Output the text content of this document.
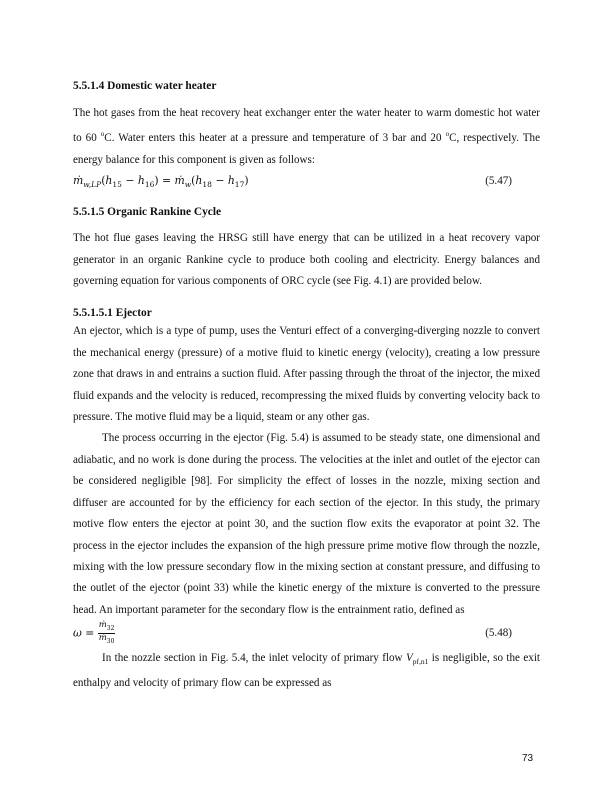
5.5.1.4 Domestic water heater

The hot gases from the heat recovery heat exchanger enter the water heater to warm domestic hot water to 60 $^o$C. Water enters this heater at a pressure and temperature of 3 bar and 20 $^o$C, respectively. The energy balance for this component is given as follows:

$ṁ_{w,LP}(h_{15} - h_{16})$ = $ṁ_w(h_{18} - h_{17})$	(5.47)

5.5.1.5 Organic Rankine Cycle

The hot flue gases leaving the HRSG still have energy that can be utilized in a heat recovery vapor generator in an organic Rankine cycle to produce both cooling and electricity. Energy balances and governing equation for various components of ORC cycle (see Fig. 4.1) are provided below.

5.5.1.5.1 Ejector

An ejector, which is a type of pump, uses the Venturi effect of a converging-diverging nozzle to convert the mechanical energy (pressure) of a motive fluid to kinetic energy (velocity), creating a low pressure zone that draws in and entrains a suction fluid. After passing through the throat of the injector, the mixed fluid expands and the velocity is reduced, recompressing the mixed fluids by converting velocity back to pressure. The motive fluid may be a liquid, steam or any other gas.

The process occurring in the ejector (Fig. 5.4) is assumed to be steady state, one dimensional and adiabatic, and no work is done during the process. The velocities at the inlet and outlet of the ejector can be considered negligible [98]. For simplicity the effect of losses in the nozzle, mixing section and diffuser are accounted for by the efficiency for each section of the ejector. In this study, the primary motive flow enters the ejector at point 30, and the suction flow exits the evaporator at point 32. The process in the ejector includes the expansion of the high pressure prime motive flow through the nozzle, mixing with the low pressure secondary flow in the mixing section at constant pressure, and diffusing to the outlet of the ejector (point 33) while the kinetic energy of the mixture is converted to the pressure head. An important parameter for the secondary flow is the entrainment ratio, defined as

$\omega = \frac{ṁ_{32}}{ṁ_{30}}$	(5.48)

In the nozzle section in Fig. 5.4, the inlet velocity of primary flow $V_{pf,n1}$ is negligible, so the exit enthalpy and velocity of primary flow can be expressed as

73
